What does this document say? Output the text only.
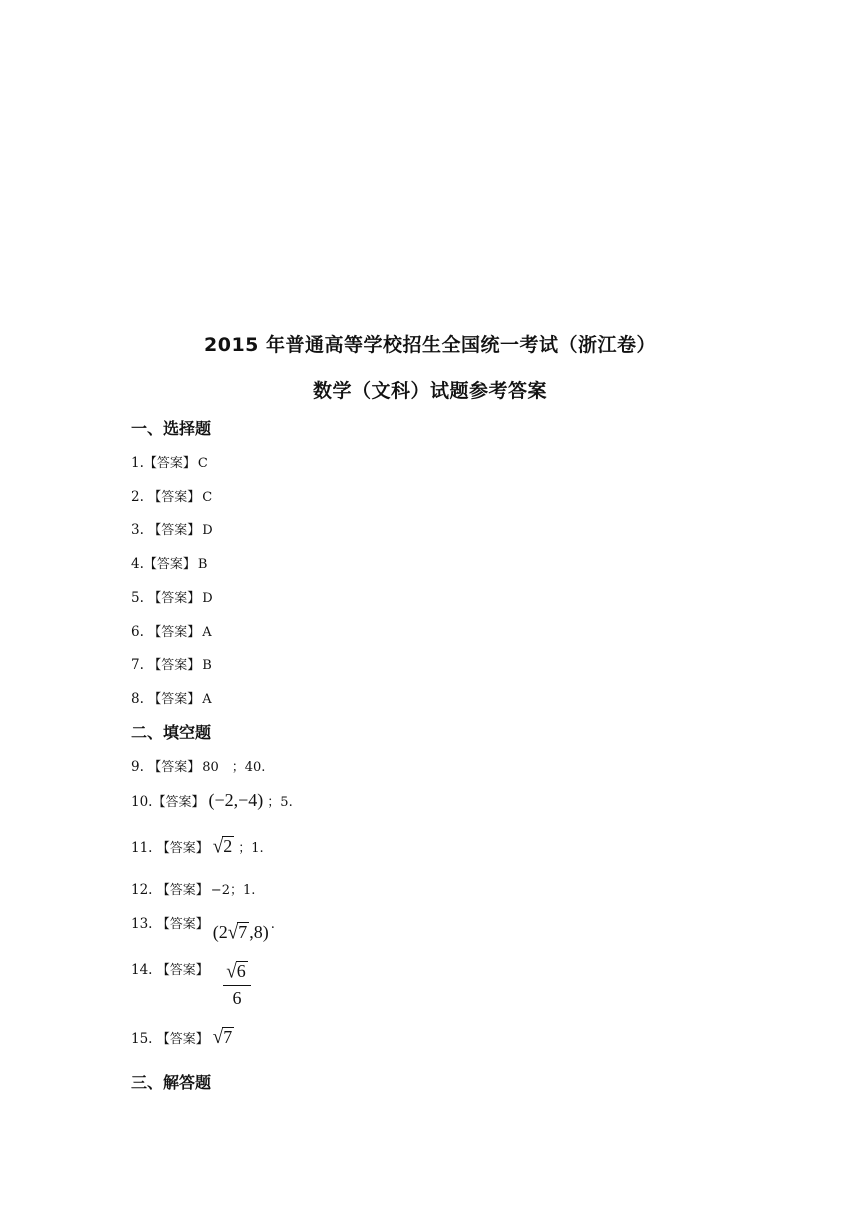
2015 年普通高等学校招生全国统一考试（浙江卷）
数学（文科）试题参考答案
一、选择题
1. 【答案】 C
2.
【答案】 C
3.
【答案】 D
4. 【答案】 B
5.
【答案】 D
6.
【答案】 A
7.
【答案】 B
8.
【答案】 A
二、填空题
9.
【答案】 80　；40.
10. 【答案】 (−2,−4) ；5.
11.
【答案】 √2 ；1.
12.
【答案】 −2；1.
13.
【答案】 (2√7 ,8) .
14.
【答案】 $\frac{√6}{6}$
15.
【答案】 √7
三、解答题
